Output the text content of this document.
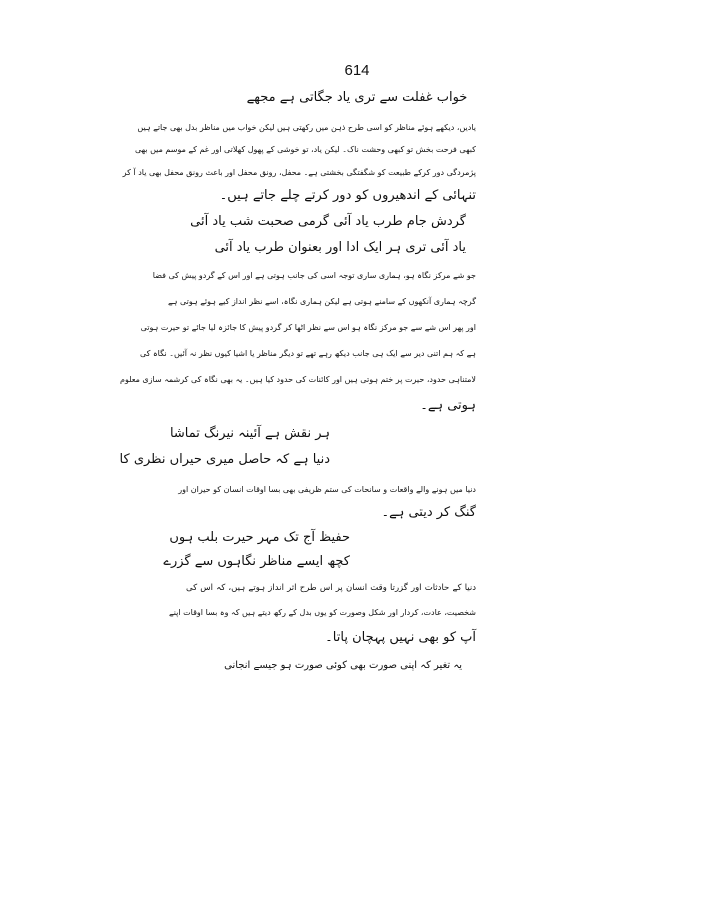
614
خواب غفلت سے تری یاد جگاتی ہے مجھے
یادیں، دیکھے ہوئے مناظر کو اسی طرح ذہن میں رکھتی ہیں لیکن خواب میں مناظر بدل بھی جاتے ہیں
کبھی فرحت بخش تو کبھی وحشت ناک۔ لیکن یاد، تو خوشی کے پھول کھلاتی اور غم کے موسم میں بھی
پژمردگی دور کرکے طبیعت کو شگفتگی بخشتی ہے۔ محفل، رونق محفل اور باعث رونق محفل بھی یاد آ کر
تنہائی کے اندھیروں کو دور کرتے چلے جاتے ہیں۔
گردش جام طرب یاد آئی گرمی صحبت شب یاد آئی
یاد آئی تری ہر ایک ادا اور بعنوان طرب یاد آئی
جو شے مرکز نگاہ ہو، ہماری ساری توجہ اسی کی جانب ہوتی ہے اور اس کے گردو پیش کی فضا
گرچہ ہماری آنکھوں کے سامنے ہوتی ہے لیکن ہماری نگاہ، اسے نظر انداز کیے ہوئے ہوتی ہے
اور پھر اس شے سے جو مرکز نگاہ ہو اس سے نظر اٹھا کر گردو پیش کا جائزہ لیا جائے تو حیرت ہوتی
ہے کہ ہم اتنی دیر سے ایک ہی جانب دیکھ رہے تھے تو دیگر مناظر یا اشیا کیوں نظر نہ آئیں۔ نگاہ کی
لامتناہی حدود، حیرت پر ختم ہوتی ہیں اور کائنات کی حدود کیا ہیں۔ یہ بھی نگاہ کی کرشمہ سازی معلوم
ہوتی ہے۔
ہر نقش ہے آئینہ نیرنگ تماشا
دنیا ہے کہ حاصل میری حیراں نظری کا
دنیا میں ہونے والے واقعات و سانحات کی ستم ظریفی بھی بسا اوقات انسان کو حیران اور
گنگ کر دیتی ہے۔
حفیظ آج تک مہر حیرت بلب ہوں
کچھ ایسے مناظر نگاہوں سے گزرے
دنیا کے حادثات اور گزرتا وقت انسان پر اس طرح اثر انداز ہوتے ہیں، کہ اس کی
شخصیت، عادت، کردار اور شکل وصورت کو یوں بدل کے رکھ دیتے ہیں کہ وہ بسا اوقات اپنے
آپ کو بھی نہیں پہچان پاتا۔
یہ تغیر کہ اپنی صورت بھی کوئی صورت ہو جیسے انجانی
